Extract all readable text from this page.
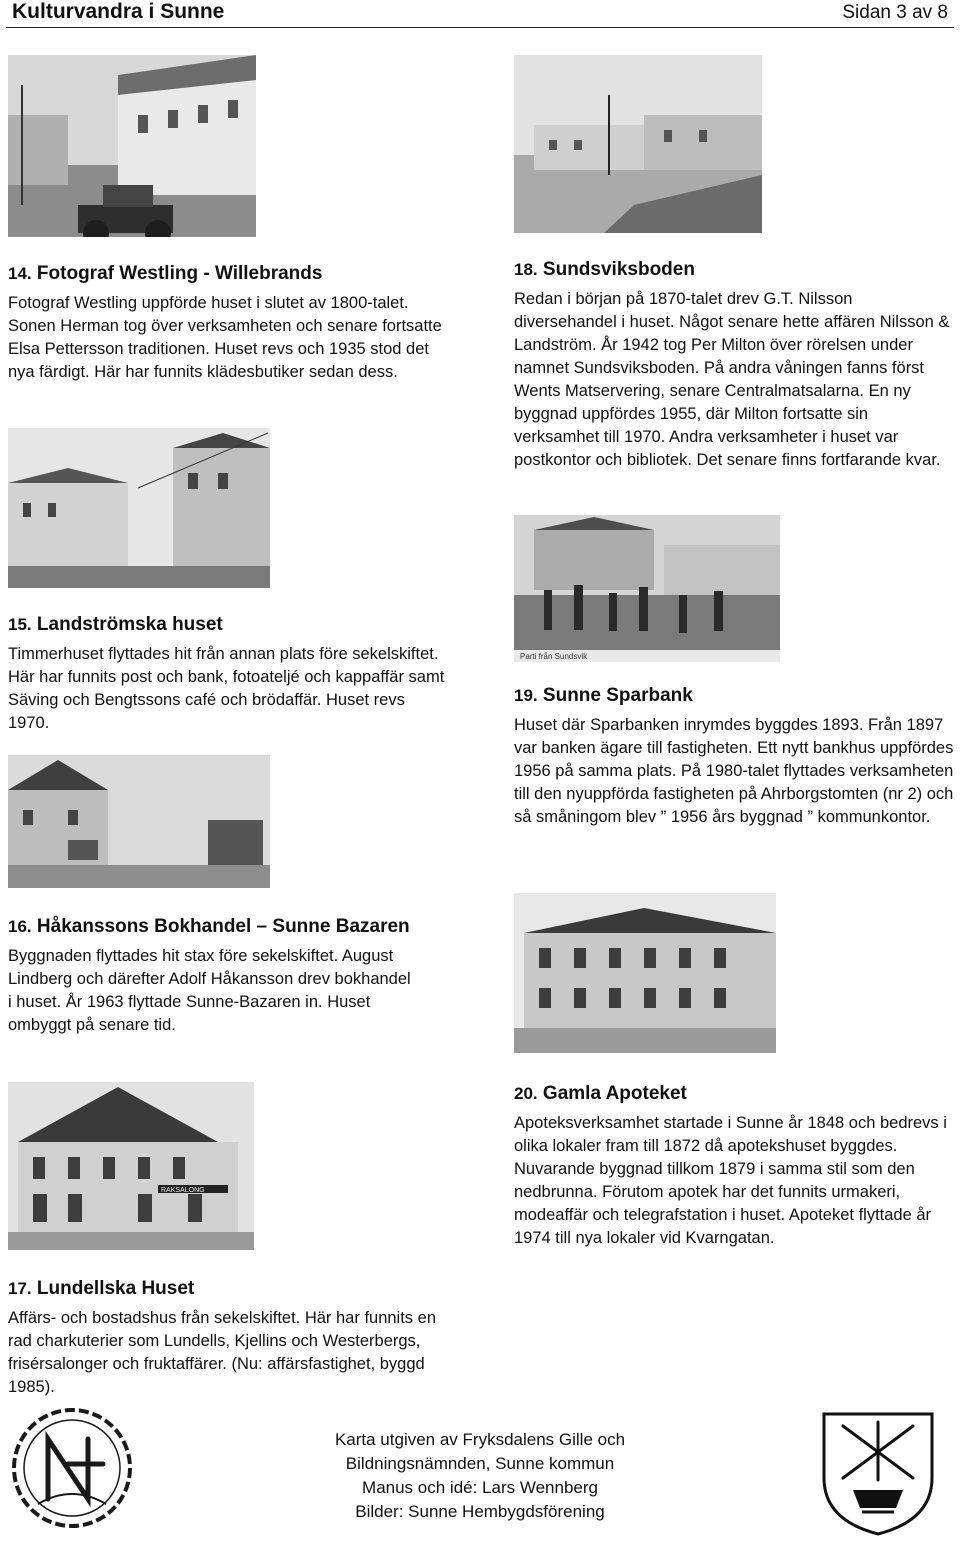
Kulturvandra i Sunne	Sidan 3 av 8

14. Fotograf Westling - Willebrands

Fotograf Westling uppförde huset i slutet av 1800-talet. Sonen Herman tog över verksamheten och senare fortsatte Elsa Pettersson traditionen. Huset revs och 1935 stod det nya färdigt. Här har funnits klädesbutiker sedan dess.

18. Sundsviksboden

Redan i början på 1870-talet drev G.T. Nilsson diversehandel i huset. Något senare hette affären Nilsson & Landström. År 1942 tog Per Milton över rörelsen under namnet Sundsviksboden. På andra våningen fanns först Wents Matservering, senare Centralmatsalarna. En ny byggnad uppfördes 1955, där Milton fortsatte sin verksamhet till 1970. Andra verksamheter i huset var postkontor och bibliotek. Det senare finns fortfarande kvar.

Parti från Sundsvik

15. Landströmska huset

Timmerhuset flyttades hit från annan plats före sekelskiftet. Här har funnits post och bank, fotoateljé och kappaffär samt Säving och Bengtssons café och brödaffär. Huset revs 1970.

19. Sunne Sparbank

Huset där Sparbanken inrymdes byggdes 1893. Från 1897 var banken ägare till fastigheten. Ett nytt bankhus uppfördes 1956 på samma plats. På 1980-talet flyttades verksamheten till den nyuppförda fastigheten på Ahrborgstomten (nr 2) och så småningom blev ” 1956 års byggnad ” kommunkontor.

16. Håkanssons Bokhandel – Sunne Bazaren

Byggnaden flyttades hit stax före sekelskiftet. August Lindberg och därefter Adolf Håkansson drev bokhandel i huset. År 1963 flyttade Sunne-Bazaren in. Huset ombyggt på senare tid.

RAKSALONG

20. Gamla Apoteket

Apoteksverksamhet startade i Sunne år 1848 och bedrevs i olika lokaler fram till 1872 då apotekshuset byggdes. Nuvarande byggnad tillkom 1879 i samma stil som den nedbrunna. Förutom apotek har det funnits urmakeri, modeaffär och telegrafstation i huset. Apoteket flyttade år 1974 till nya lokaler vid Kvarngatan.

17. Lundellska Huset

Affärs- och bostadshus från sekelskiftet. Här har funnits en rad charkuterier som Lundells, Kjellins och Westerbergs, frisérsalonger och fruktaffärer. (Nu: affärsfastighet, byggd 1985).

Karta utgiven av Fryksdalens Gille och
Bildningsnämnden, Sunne kommun
Manus och idé: Lars Wennberg
Bilder: Sunne Hembygdsförening
